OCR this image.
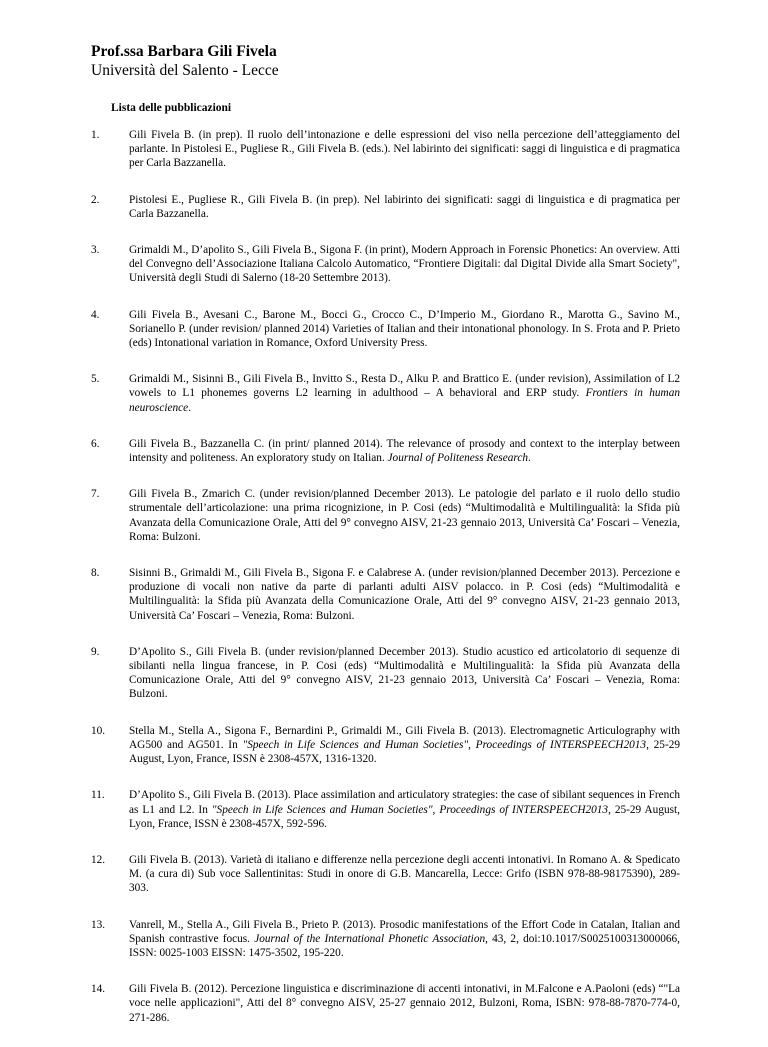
Prof.ssa Barbara Gili Fivela
Università del Salento - Lecce
Lista delle pubblicazioni
1.	Gili Fivela B. (in prep). Il ruolo dell’intonazione e delle espressioni del viso nella percezione dell’atteggiamento del parlante. In Pistolesi E., Pugliese R., Gili Fivela B. (eds.). Nel labirinto dei significati: saggi di linguistica e di pragmatica per Carla Bazzanella.
2.	Pistolesi E., Pugliese R., Gili Fivela B. (in prep). Nel labirinto dei significati: saggi di linguistica e di pragmatica per Carla Bazzanella.
3.	Grimaldi M., D’apolito S., Gili Fivela B., Sigona F. (in print), Modern Approach in Forensic Phonetics: An overview. Atti del Convegno dell’Associazione Italiana Calcolo Automatico, “Frontiere Digitali: dal Digital Divide alla Smart Society", Università degli Studi di Salerno (18-20 Settembre 2013).
4.	Gili Fivela B., Avesani C., Barone M., Bocci G., Crocco C., D’Imperio M., Giordano R., Marotta G., Savino M., Sorianello P. (under revision/ planned 2014) Varieties of Italian and their intonational phonology. In S. Frota and P. Prieto (eds) Intonational variation in Romance, Oxford University Press.
5.	Grimaldi M., Sisinni B., Gili Fivela B., Invitto S., Resta D., Alku P. and Brattico E. (under revision), Assimilation of L2 vowels to L1 phonemes governs L2 learning in adulthood – A behavioral and ERP study. Frontiers in human neuroscience.
6.	Gili Fivela B., Bazzanella C. (in print/ planned 2014). The relevance of prosody and context to the interplay between intensity and politeness. An exploratory study on Italian. Journal of Politeness Research.
7.	Gili Fivela B., Zmarich C. (under revision/planned December 2013). Le patologie del parlato e il ruolo dello studio strumentale dell’articolazione: una prima ricognizione, in P. Cosi (eds) “Multimodalità e Multilingualità: la Sfida più Avanzata della Comunicazione Orale, Atti del 9° convegno AISV, 21-23 gennaio 2013, Università Ca’ Foscari – Venezia, Roma: Bulzoni.
8.	Sisinni B., Grimaldi M., Gili Fivela B., Sigona F. e Calabrese A. (under revision/planned December 2013). Percezione e produzione di vocali non native da parte di parlanti adulti AISV polacco. in P. Cosi (eds) “Multimodalità e Multilingualità: la Sfida più Avanzata della Comunicazione Orale, Atti del 9° convegno AISV, 21-23 gennaio 2013, Università Ca’ Foscari – Venezia, Roma: Bulzoni.
9.	D’Apolito S., Gili Fivela B. (under revision/planned December 2013). Studio acustico ed articolatorio di sequenze di sibilanti nella lingua francese, in P. Cosi (eds) “Multimodalità e Multilingualità: la Sfida più Avanzata della Comunicazione Orale, Atti del 9° convegno AISV, 21-23 gennaio 2013, Università Ca’ Foscari – Venezia, Roma: Bulzoni.
10. Stella M., Stella A., Sigona F., Bernardini P., Grimaldi M., Gili Fivela B. (2013). Electromagnetic Articulography with AG500 and AG501. In "Speech in Life Sciences and Human Societies", Proceedings of INTERSPEECH2013, 25-29 August, Lyon, France, ISSN è 2308-457X, 1316-1320.
11. D’Apolito S., Gili Fivela B. (2013). Place assimilation and articulatory strategies: the case of sibilant sequences in French as L1 and L2. In "Speech in Life Sciences and Human Societies", Proceedings of INTERSPEECH2013, 25-29 August, Lyon, France, ISSN è 2308-457X, 592-596.
12. Gili Fivela B. (2013). Varietà di italiano e differenze nella percezione degli accenti intonativi. In Romano A. & Spedicato M. (a cura di) Sub voce Sallentinitas: Studi in onore di G.B. Mancarella, Lecce: Grifo (ISBN 978-88-98175390), 289-303.
13. Vanrell, M., Stella A., Gili Fivela B., Prieto P. (2013). Prosodic manifestations of the Effort Code in Catalan, Italian and Spanish contrastive focus. Journal of the International Phonetic Association, 43, 2, doi:10.1017/S0025100313000066, ISSN: 0025-1003 EISSN: 1475-3502, 195-220.
14. Gili Fivela B. (2012). Percezione linguistica e discriminazione di accenti intonativi, in M.Falcone e A.Paoloni (eds) “"La voce nelle applicazioni", Atti del 8° convegno AISV, 25-27 gennaio 2012, Bulzoni, Roma, ISBN: 978-88-7870-774-0, 271-286.
